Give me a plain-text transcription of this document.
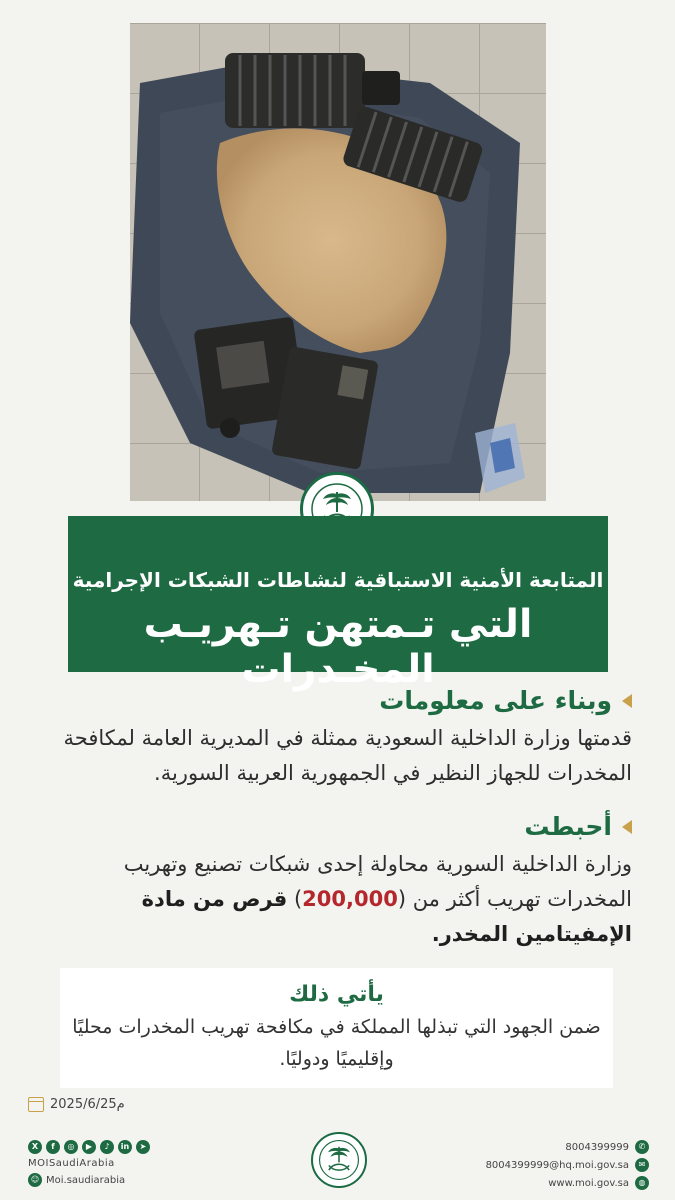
المتابعة الأمنية الاستباقية لنشاطات الشبكات الإجرامية
التي تـمتهن تـهريـب المخـدرات
وبناء على معلومات
قدمتها وزارة الداخلية السعودية ممثلة في المديرية العامة لمكافحة المخدرات للجهاز النظير في الجمهورية العربية السورية.
أحبطت
وزارة الداخلية السورية محاولة إحدى شبكات تصنيع وتهريب المخدرات تهريب أكثر من (200,000) قرص من مادة الإمفيتامين المخدر.
يأتي ذلك
ضمن الجهود التي تبذلها المملكة في مكافحة تهريب المخدرات محليًا وإقليميًا ودوليًا.
2025/6/25م
X	f	◎	▶	♪	in	➤
MOISaudiArabia
☺ Moi.saudiarabia
8004399999	✆
8004399999@hq.moi.gov.sa	✉
www.moi.gov.sa	◍
